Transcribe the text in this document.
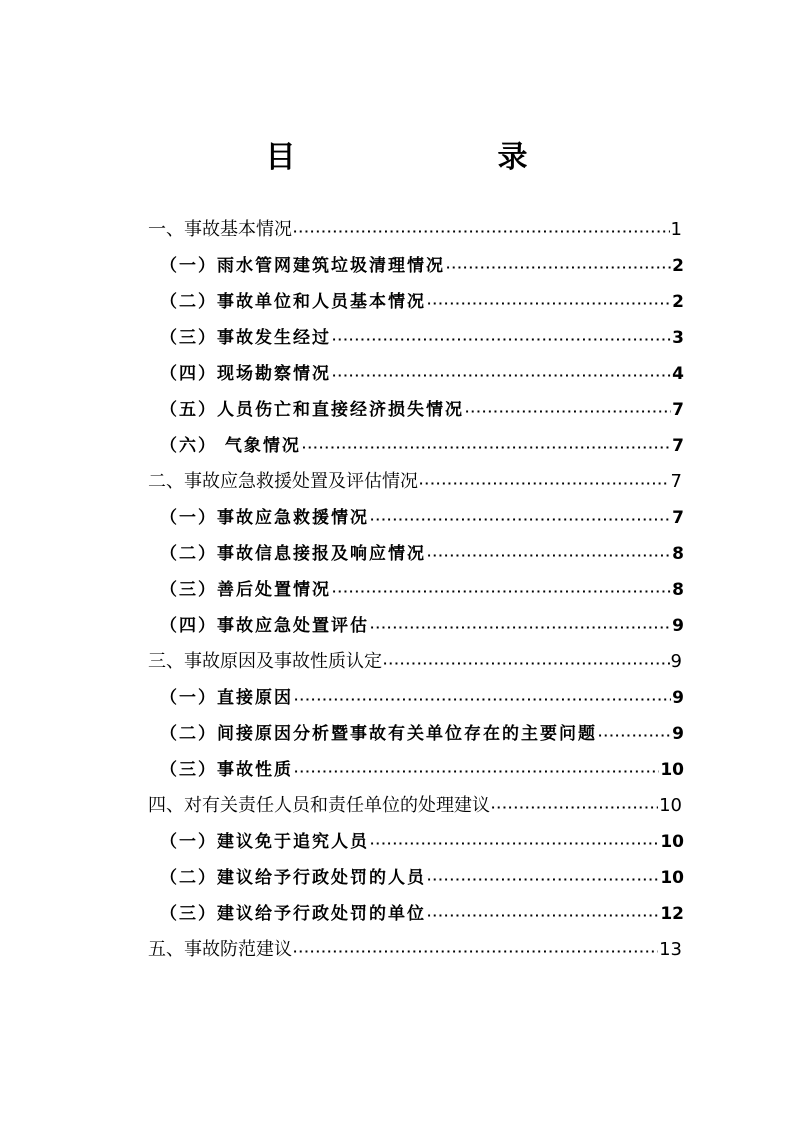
目　录
一、事故基本情况 ·····	1
（一）雨水管网建筑垃圾清理情况 ·····	2
（二）事故单位和人员基本情况 ·····	2
（三）事故发生经过 ·····	3
（四）现场勘察情况 ·····	4
（五）人员伤亡和直接经济损失情况 ·····	7
（六） 气象情况 ·····	7
二、事故应急救援处置及评估情况 ·····	7
（一）事故应急救援情况 ·····	7
（二）事故信息接报及响应情况 ·····	8
（三）善后处置情况 ·····	8
（四）事故应急处置评估 ·····	9
三、事故原因及事故性质认定 ·····	9
（一）直接原因 ·····	9
（二）间接原因分析暨事故有关单位存在的主要问题 ·····	9
（三）事故性质 ·····	10
四、对有关责任人员和责任单位的处理建议 ·····	10
（一）建议免于追究人员 ·····	10
（二）建议给予行政处罚的人员 ·····	10
（三）建议给予行政处罚的单位 ·····	12
五、事故防范建议 ·····	13
